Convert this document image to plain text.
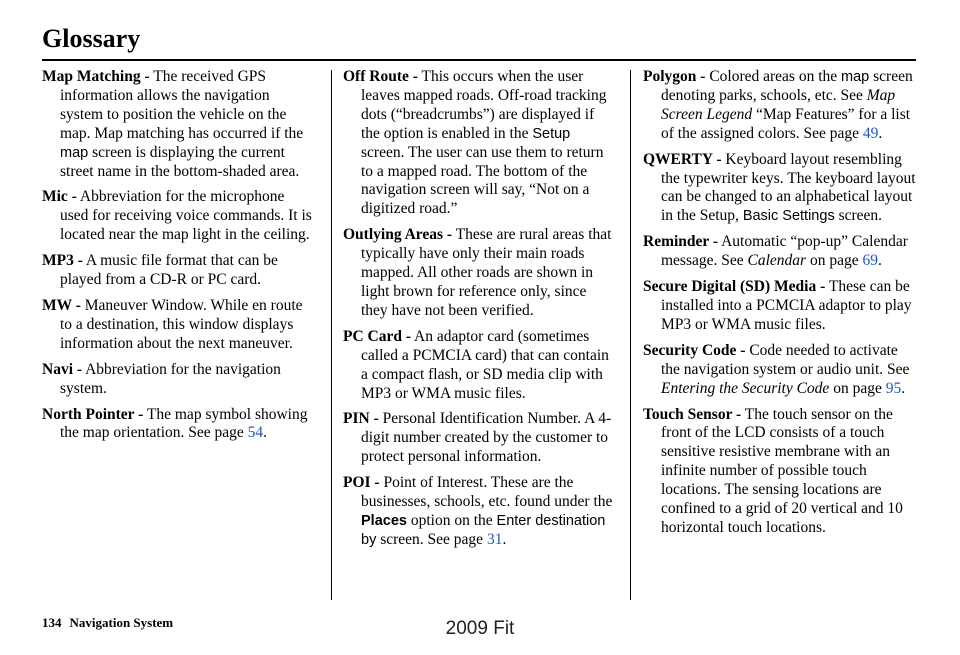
Glossary
Map Matching - The received GPS information allows the navigation system to position the vehicle on the map. Map matching has occurred if the map screen is displaying the current street name in the bottom-shaded area.
Mic - Abbreviation for the microphone used for receiving voice commands. It is located near the map light in the ceiling.
MP3 - A music file format that can be played from a CD-R or PC card.
MW - Maneuver Window. While en route to a destination, this window displays information about the next maneuver.
Navi - Abbreviation for the navigation system.
North Pointer - The map symbol showing the map orientation. See page 54.
Off Route - This occurs when the user leaves mapped roads. Off-road tracking dots (“breadcrumbs”) are displayed if the option is enabled in the Setup screen. The user can use them to return to a mapped road. The bottom of the navigation screen will say, “Not on a digitized road.”
Outlying Areas - These are rural areas that typically have only their main roads mapped. All other roads are shown in light brown for reference only, since they have not been verified.
PC Card - An adaptor card (sometimes called a PCMCIA card) that can contain a compact flash, or SD media clip with MP3 or WMA music files.
PIN - Personal Identification Number. A 4-digit number created by the customer to protect personal information.
POI - Point of Interest. These are the businesses, schools, etc. found under the Places option on the Enter destination by screen. See page 31.
Polygon - Colored areas on the map screen denoting parks, schools, etc. See Map Screen Legend “Map Features” for a list of the assigned colors. See page 49.
QWERTY - Keyboard layout resembling the typewriter keys. The keyboard layout can be changed to an alphabetical layout in the Setup, Basic Settings screen.
Reminder - Automatic “pop-up” Calendar message. See Calendar on page 69.
Secure Digital (SD) Media - These can be installed into a PCMCIA adaptor to play MP3 or WMA music files.
Security Code - Code needed to activate the navigation system or audio unit. See Entering the Security Code on page 95.
Touch Sensor - The touch sensor on the front of the LCD consists of a touch sensitive resistive membrane with an infinite number of possible touch locations. The sensing locations are confined to a grid of 20 vertical and 10 horizontal touch locations.
134 Navigation System	2009 Fit
